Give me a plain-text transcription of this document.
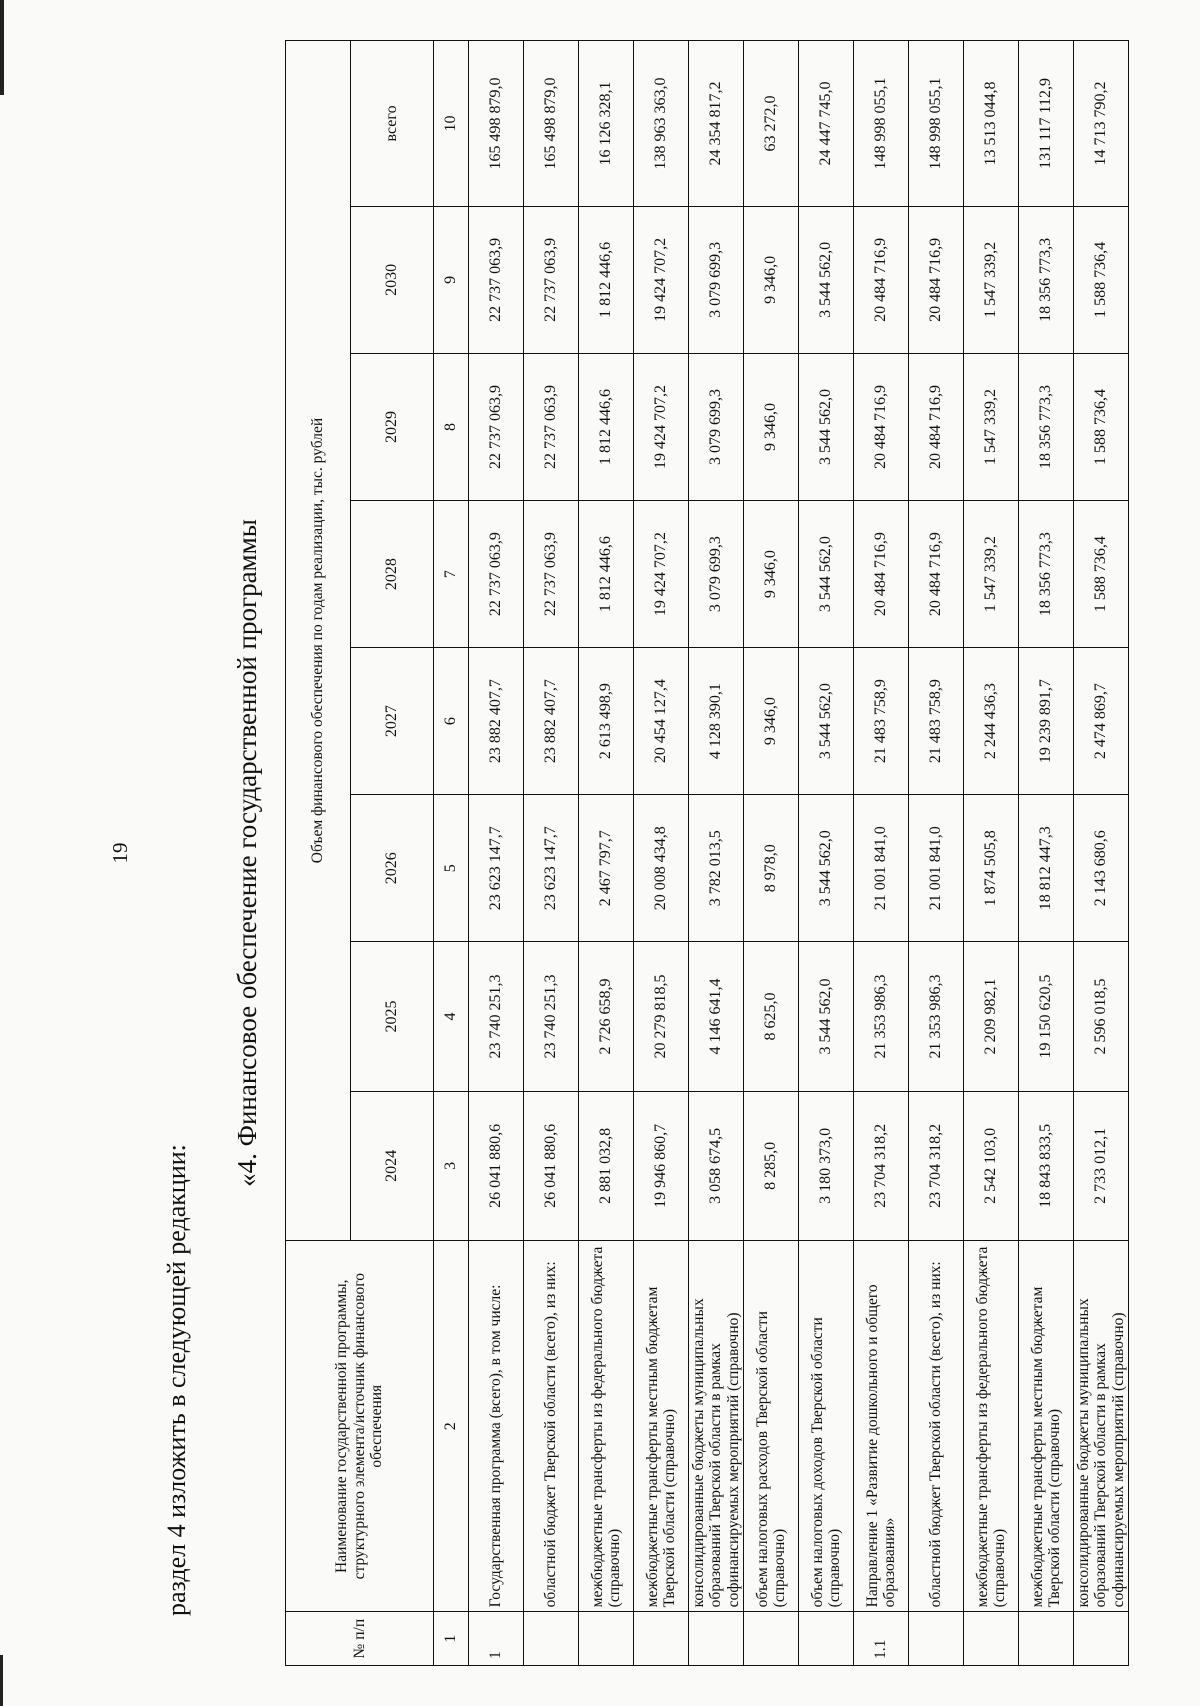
19
раздел 4 изложить в следующей редакции:
«4. Финансовое обеспечение государственной программы
№ п/п	Наименование государственной программы, структурного элемента/источник финансового обеспечения	Объем финансового обеспечения по годам реализации, тыс. рублей							
		2024	2025	2026	2027	2028	2029	2030	всего
1	2	3	4	5	6	7	8	9	10
1	Государственная программа (всего), в том числе:	26 041 880,6	23 740 251,3	23 623 147,7	23 882 407,7	22 737 063,9	22 737 063,9	22 737 063,9	165 498 879,0
	областной бюджет Тверской области (всего), из них:	26 041 880,6	23 740 251,3	23 623 147,7	23 882 407,7	22 737 063,9	22 737 063,9	22 737 063,9	165 498 879,0
	межбюджетные трансферты из федерального бюджета (справочно)	2 881 032,8	2 726 658,9	2 467 797,7	2 613 498,9	1 812 446,6	1 812 446,6	1 812 446,6	16 126 328,1
	межбюджетные трансферты местным бюджетам Тверской области (справочно)	19 946 860,7	20 279 818,5	20 008 434,8	20 454 127,4	19 424 707,2	19 424 707,2	19 424 707,2	138 963 363,0
	консолидированные бюджеты муниципальных образований Тверской области в рамках софинансируемых мероприятий (справочно)	3 058 674,5	4 146 641,4	3 782 013,5	4 128 390,1	3 079 699,3	3 079 699,3	3 079 699,3	24 354 817,2
	объем налоговых расходов Тверской области (справочно)	8 285,0	8 625,0	8 978,0	9 346,0	9 346,0	9 346,0	9 346,0	63 272,0
	объем налоговых доходов Тверской области (справочно)	3 180 373,0	3 544 562,0	3 544 562,0	3 544 562,0	3 544 562,0	3 544 562,0	3 544 562,0	24 447 745,0
1.1	Направление 1 «Развитие дошкольного и общего образования»	23 704 318,2	21 353 986,3	21 001 841,0	21 483 758,9	20 484 716,9	20 484 716,9	20 484 716,9	148 998 055,1
	областной бюджет Тверской области (всего), из них:	23 704 318,2	21 353 986,3	21 001 841,0	21 483 758,9	20 484 716,9	20 484 716,9	20 484 716,9	148 998 055,1
	межбюджетные трансферты из федерального бюджета (справочно)	2 542 103,0	2 209 982,1	1 874 505,8	2 244 436,3	1 547 339,2	1 547 339,2	1 547 339,2	13 513 044,8
	межбюджетные трансферты местным бюджетам Тверской области (справочно)	18 843 833,5	19 150 620,5	18 812 447,3	19 239 891,7	18 356 773,3	18 356 773,3	18 356 773,3	131 117 112,9
	консолидированные бюджеты муниципальных образований Тверской области в рамках софинансируемых мероприятий (справочно)	2 733 012,1	2 596 018,5	2 143 680,6	2 474 869,7	1 588 736,4	1 588 736,4	1 588 736,4	14 713 790,2
